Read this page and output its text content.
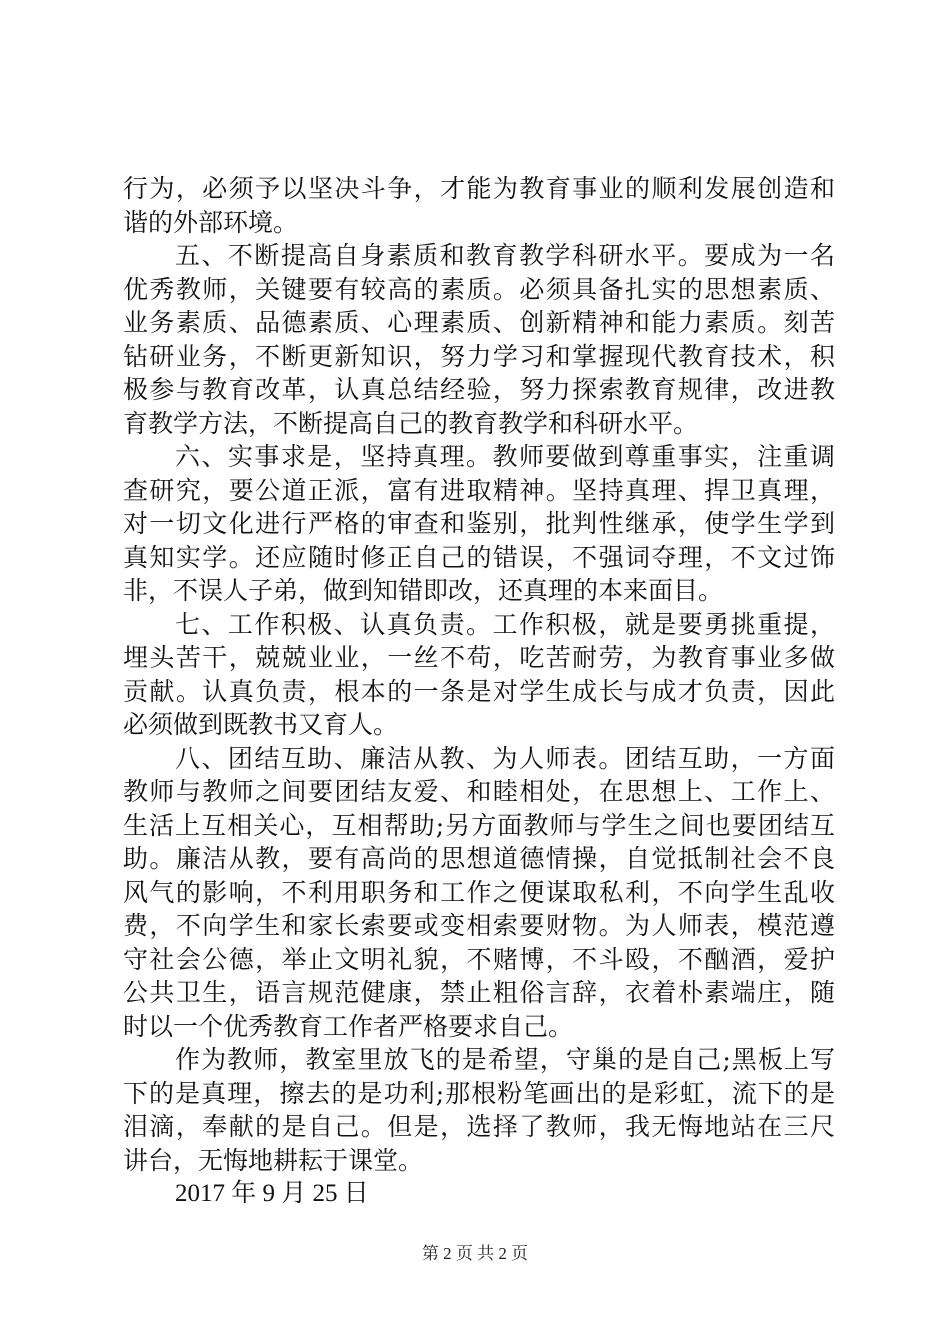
行为，必须予以坚决斗争，才能为教育事业的顺利发展创造和
谐的外部环境。
五、不断提高自身素质和教育教学科研水平。要成为一名
优秀教师，关键要有较高的素质。必须具备扎实的思想素质、
业务素质、品德素质、心理素质、创新精神和能力素质。刻苦
钻研业务，不断更新知识，努力学习和掌握现代教育技术，积
极参与教育改革，认真总结经验，努力探索教育规律，改进教
育教学方法，不断提高自己的教育教学和科研水平。
六、实事求是，坚持真理。教师要做到尊重事实，注重调
查研究，要公道正派，富有进取精神。坚持真理、捍卫真理，
对一切文化进行严格的审查和鉴别，批判性继承，使学生学到
真知实学。还应随时修正自己的错误，不强词夺理，不文过饰
非，不误人子弟，做到知错即改，还真理的本来面目。
七、工作积极、认真负责。工作积极，就是要勇挑重提，
埋头苦干，兢兢业业，一丝不苟，吃苦耐劳，为教育事业多做
贡献。认真负责，根本的一条是对学生成长与成才负责，因此
必须做到既教书又育人。
八、团结互助、廉洁从教、为人师表。团结互助，一方面
教师与教师之间要团结友爱、和睦相处，在思想上、工作上、
生活上互相关心，互相帮助;另方面教师与学生之间也要团结互
助。廉洁从教，要有高尚的思想道德情操，自觉抵制社会不良
风气的影响，不利用职务和工作之便谋取私利，不向学生乱收
费，不向学生和家长索要或变相索要财物。为人师表，模范遵
守社会公德，举止文明礼貌，不赌博，不斗殴，不酗酒，爱护
公共卫生，语言规范健康，禁止粗俗言辞，衣着朴素端庄，随
时以一个优秀教育工作者严格要求自己。
作为教师，教室里放飞的是希望，守巢的是自己;黑板上写
下的是真理，擦去的是功利;那根粉笔画出的是彩虹，流下的是
泪滴，奉献的是自己。但是，选择了教师，我无悔地站在三尺
讲台，无悔地耕耘于课堂。
2017 年 9 月 25 日
第 2 页 共 2 页
